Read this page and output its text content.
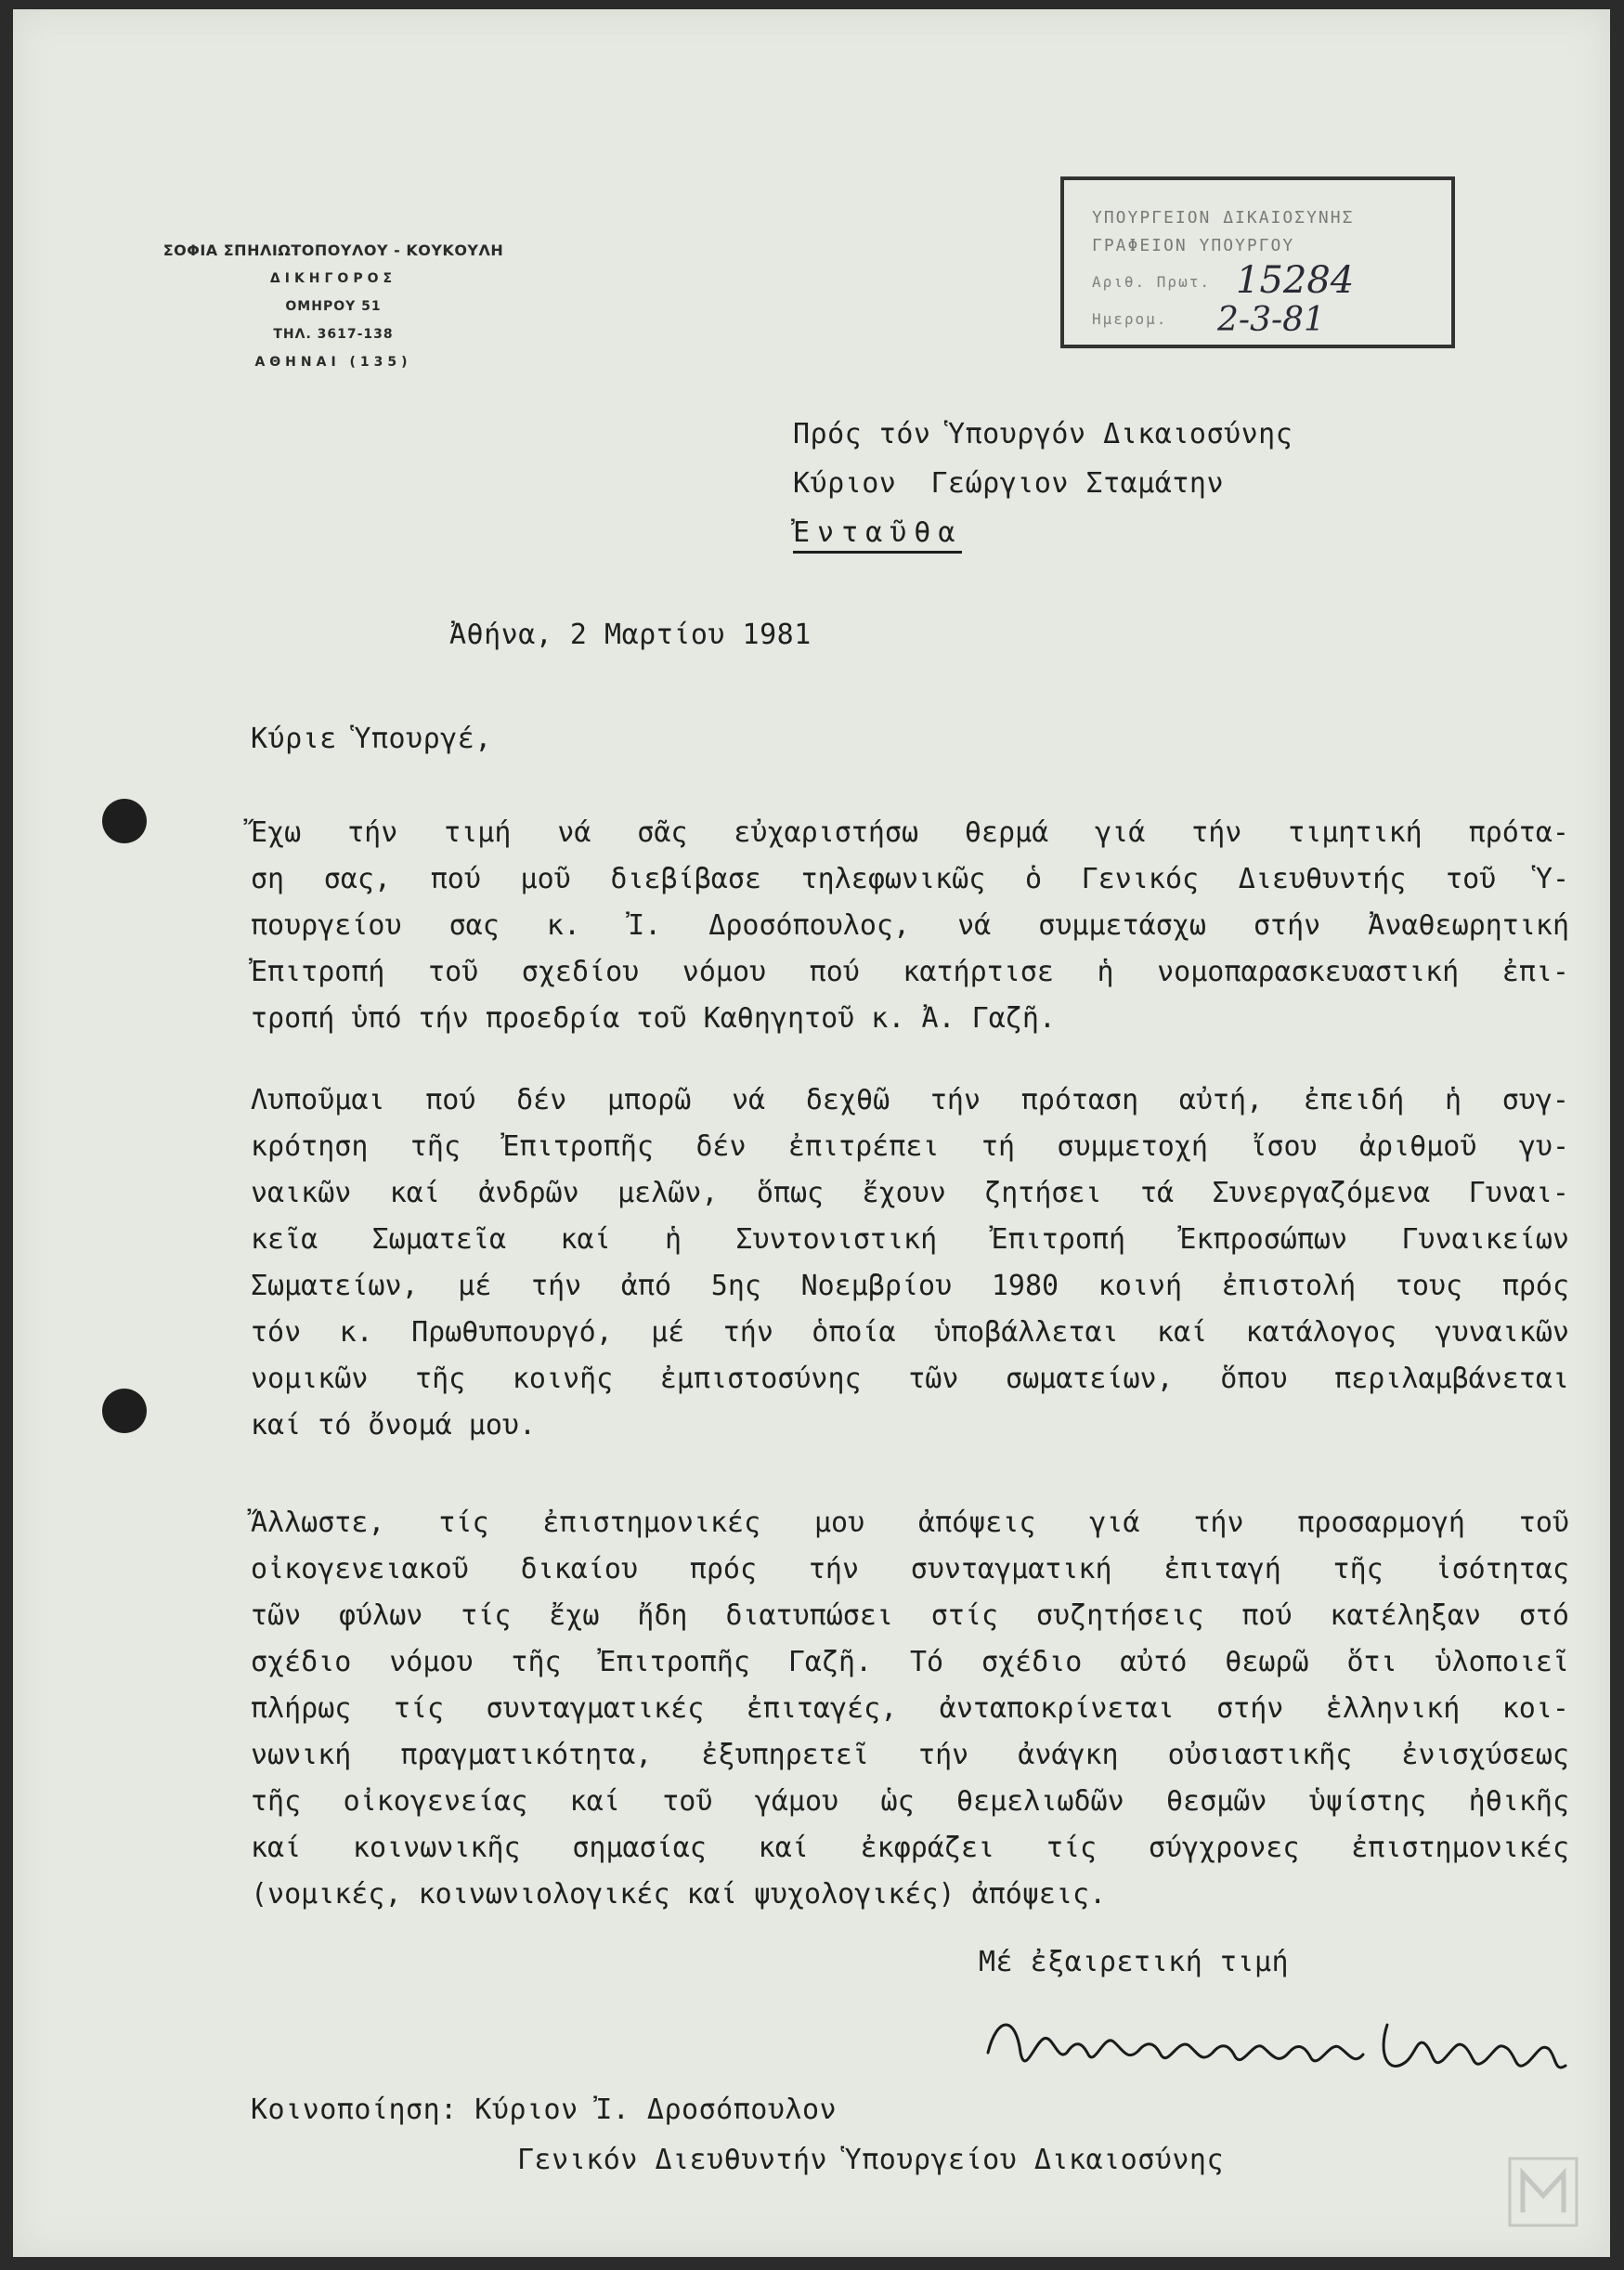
ΣΟΦΙΑ ΣΠΗΛΙΩΤΟΠΟΥΛΟΥ - ΚΟΥΚΟΥΛΗ
ΔΙΚΗΓΟΡΟΣ
ΟΜΗΡΟΥ 51
ΤΗΛ. 3617-138
ΑΘΗΝΑΙ (135)
ΥΠΟΥΡΓΕΙΟΝ ΔΙΚΑΙΟΣΥΝΗΣ
ΓΡΑΦΕΙΟΝ ΥΠΟΥΡΓΟΥ
Αριθ. Πρωτ.
Ημερομ.
15284
2-3-81
Πρός τόν Ὑπουργόν Δικαιοσύνης
Κύριον  Γεώργιον Σταμάτην
Ἐνταῦθα
Ἀθήνα, 2 Μαρτίου 1981
Κύριε Ὑπουργέ,
Ἔχω τήν τιμή νά σᾶς εὐχαριστήσω θερμά γιά τήν τιμητική πρότα-
ση σας, πού μοῦ διεβίβασε τηλεφωνικῶς ὁ Γενικός Διευθυντής τοῦ Ὑ-
πουργείου σας κ. Ἰ. Δροσόπουλος, νά συμμετάσχω στήν Ἀναθεωρητική
Ἐπιτροπή τοῦ σχεδίου νόμου πού κατήρτισε ἡ νομοπαρασκευαστική ἐπι-
τροπή ὑπό τήν προεδρία τοῦ Καθηγητοῦ κ. Ἀ. Γαζῆ.
Λυποῦμαι πού δέν μπορῶ νά δεχθῶ τήν πρόταση αὐτή, ἐπειδή ἡ συγ-
κρότηση τῆς Ἐπιτροπῆς δέν ἐπιτρέπει τή συμμετοχή ἴσου ἀριθμοῦ γυ-
ναικῶν καί ἀνδρῶν μελῶν, ὅπως ἔχουν ζητήσει τά Συνεργαζόμενα Γυναι-
κεῖα Σωματεῖα καί ἡ Συντονιστική Ἐπιτροπή Ἐκπροσώπων Γυναικείων
Σωματείων, μέ τήν ἀπό 5ης Νοεμβρίου 1980 κοινή ἐπιστολή τους πρός
τόν κ. Πρωθυπουργό, μέ τήν ὁποία ὑποβάλλεται καί κατάλογος γυναικῶν
νομικῶν τῆς κοινῆς ἐμπιστοσύνης τῶν σωματείων, ὅπου περιλαμβάνεται
καί τό ὄνομά μου.
Ἄλλωστε, τίς ἐπιστημονικές μου ἀπόψεις γιά τήν προσαρμογή τοῦ
οἰκογενειακοῦ δικαίου πρός τήν συνταγματική ἐπιταγή τῆς ἰσότητας
τῶν φύλων τίς ἔχω ἤδη διατυπώσει στίς συζητήσεις πού κατέληξαν στό
σχέδιο νόμου τῆς Ἐπιτροπῆς Γαζῆ. Τό σχέδιο αὐτό θεωρῶ ὅτι ὑλοποιεῖ
πλήρως τίς συνταγματικές ἐπιταγές, ἀνταποκρίνεται στήν ἑλληνική κοι-
νωνική πραγματικότητα, ἐξυπηρετεῖ τήν ἀνάγκη οὐσιαστικῆς ἐνισχύσεως
τῆς οἰκογενείας καί τοῦ γάμου ὡς θεμελιωδῶν θεσμῶν ὑψίστης ἠθικῆς
καί κοινωνικῆς σημασίας καί ἐκφράζει τίς σύγχρονες ἐπιστημονικές
(νομικές, κοινωνιολογικές καί ψυχολογικές) ἀπόψεις.
Μέ ἐξαιρετική τιμή
Κοινοποίηση: Κύριον Ἰ. Δροσόπουλον
Γενικόν Διευθυντήν Ὑπουργείου Δικαιοσύνης
